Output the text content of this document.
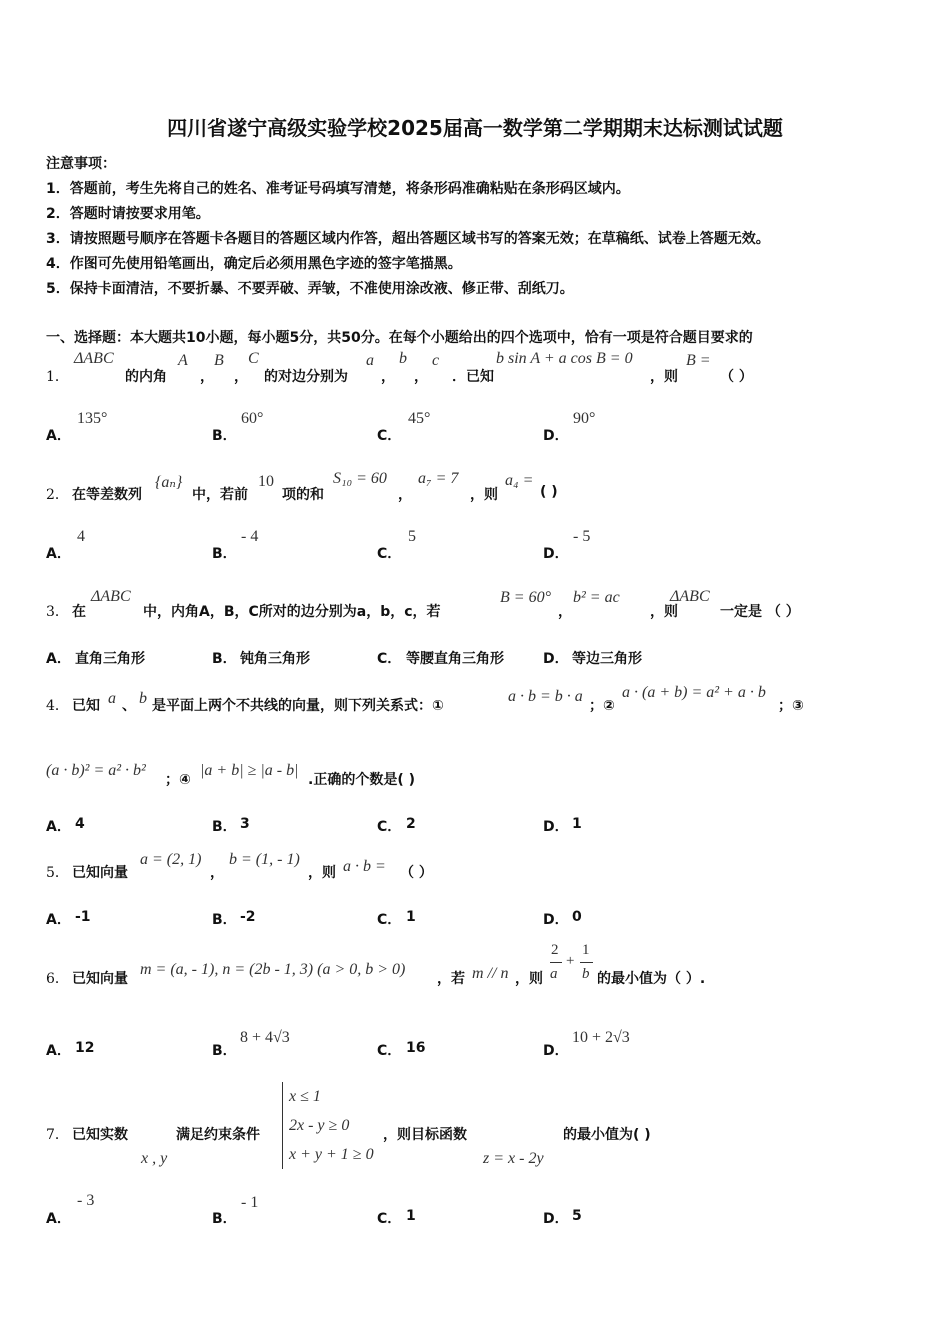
四川省遂宁高级实验学校2025届高一数学第二学期期末达标测试试题
注意事项：
1．答题前，考生先将自己的姓名、准考证号码填写清楚，将条形码准确粘贴在条形码区域内。
2．答题时请按要求用笔。
3．请按照题号顺序在答题卡各题目的答题区域内作答，超出答题区域书写的答案无效；在草稿纸、试卷上答题无效。
4．作图可先使用铅笔画出，确定后必须用黑色字迹的签字笔描黑。
5．保持卡面清洁，不要折暴、不要弄破、弄皱，不准使用涂改液、修正带、刮纸刀。
一、选择题：本大题共10小题，每小题5分，共50分。在每个小题给出的四个选项中，恰有一项是符合题目要求的
1．
ΔABC
的内角
A
，
B
，
C
的对边分别为
a
，
b
，
c
．已知
b sin A + a cos B = 0
，则
B =
（ ）
A．
135°
B．
60°
C．
45°
D．
90°
2． 在等差数列
{aₙ}
中，若前
10
项的和
S₁₀ = 60
，
a₇ = 7
，则
a₄ =
( )
A．
4
B．
- 4
C．
5
D．
- 5
3． 在
ΔABC
中，内角A，B，C所对的边分别为a，b，c，若
B = 60°
，
b² = ac
，则
ΔABC
一定是 （ ）
A． 直角三角形	B． 钝角三角形	C． 等腰直角三角形	D． 等边三角形
4． 已知 a 、 b 是平面上两个不共线的向量，则下列关系式：①
a · b = b · a
；②
a · (a + b) = a² + a · b
；③
(a · b)² = a² · b²
；④
|a + b| ≥ |a - b|
.正确的个数是( )
A． 4	B． 3	C． 2	D． 1
5． 已知向量
a = (2, 1)
，
b = (1, - 1)
，则 a · b = （ ）
A． -1	B． -2	C． 1	D． 0
6． 已知向量
m = (a, - 1), n = (2b - 1, 3) (a > 0, b > 0)
，若 m // n ，则
2
a
+
1
b 的最小值为（ ）.
A． 12	B．
8 + 4√3
C． 16	D．
10 + 2√3
7． 已知实数
x , y
满足约束条件
x ≤ 1
2x - y ≥ 0
x + y + 1 ≥ 0
，则目标函数
z = x - 2y
的最小值为( )
A．
- 3
B．
- 1
C． 1	D． 5
